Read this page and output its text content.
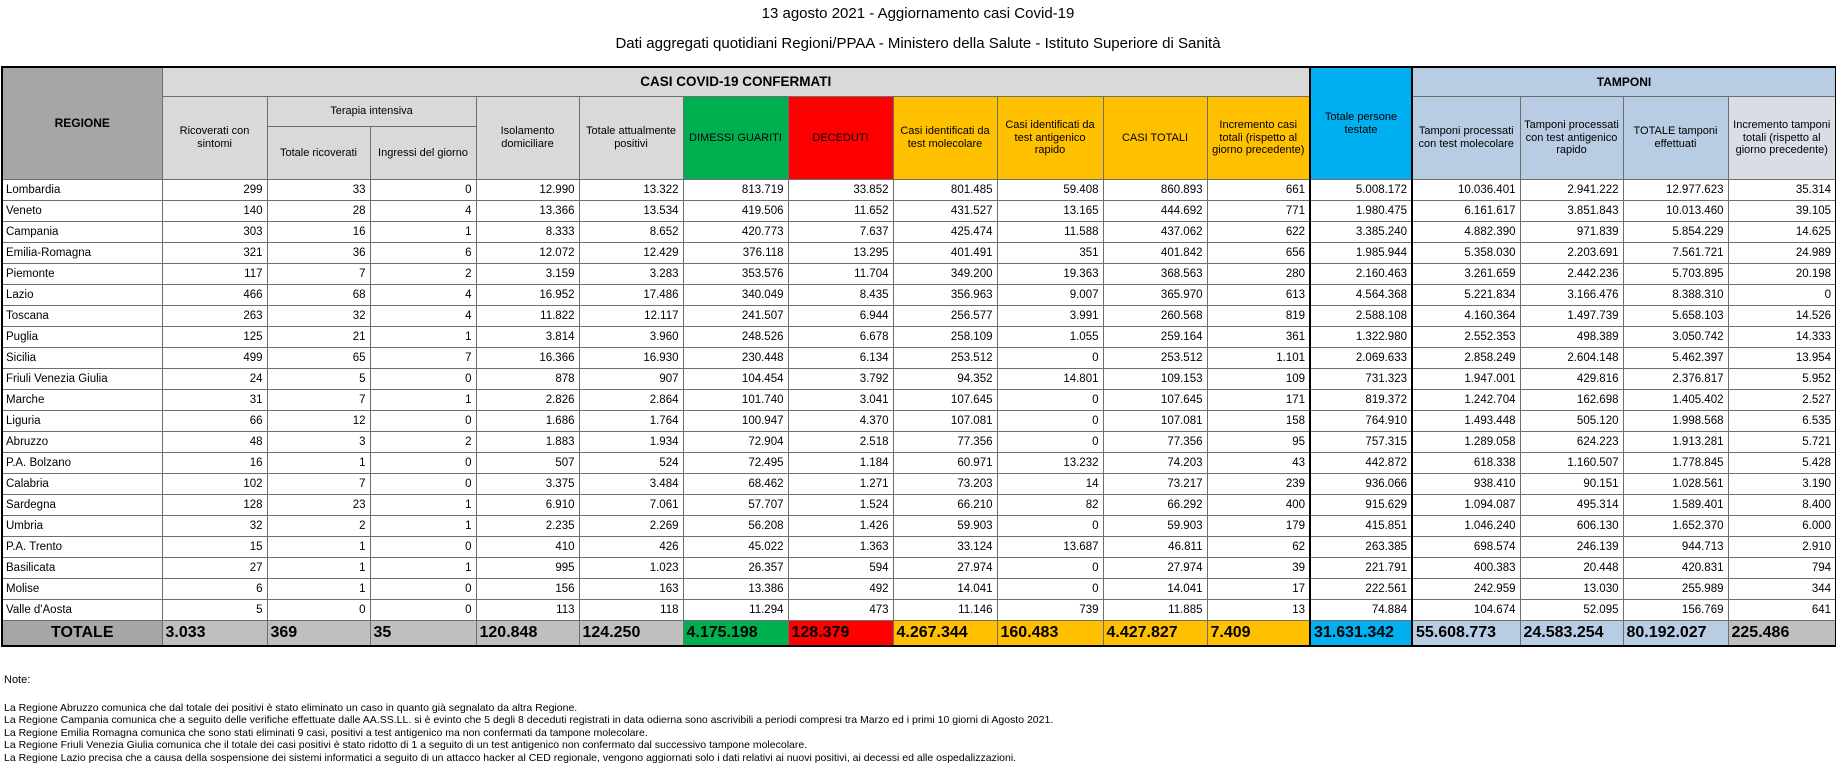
13 agosto 2021 - Aggiornamento casi Covid-19
Dati aggregati quotidiani Regioni/PPAA - Ministero della Salute - Istituto Superiore di Sanità
REGIONE	CASI COVID-19 CONFERMATI											Totale persone testate	TAMPONI			
	Ricoverati con sintomi	Terapia intensiva		Isolamento domiciliare	Totale attualmente positivi	DIMESSI GUARITI	DECEDUTI	Casi identificati da test molecolare	Casi identificati da test antigenico rapido	CASI TOTALI	Incremento casi totali (rispetto al giorno precedente)		Tamponi processati con test molecolare	Tamponi processati con test antigenico rapido	TOTALE tamponi effettuati	Incremento tamponi totali (rispetto al giorno precedente)
		Totale ricoverati	Ingressi del giorno													
Lombardia	299	33	0	12.990	13.322	813.719	33.852	801.485	59.408	860.893	661	5.008.172	10.036.401	2.941.222	12.977.623	35.314
Veneto	140	28	4	13.366	13.534	419.506	11.652	431.527	13.165	444.692	771	1.980.475	6.161.617	3.851.843	10.013.460	39.105
Campania	303	16	1	8.333	8.652	420.773	7.637	425.474	11.588	437.062	622	3.385.240	4.882.390	971.839	5.854.229	14.625
Emilia-Romagna	321	36	6	12.072	12.429	376.118	13.295	401.491	351	401.842	656	1.985.944	5.358.030	2.203.691	7.561.721	24.989
Piemonte	117	7	2	3.159	3.283	353.576	11.704	349.200	19.363	368.563	280	2.160.463	3.261.659	2.442.236	5.703.895	20.198
Lazio	466	68	4	16.952	17.486	340.049	8.435	356.963	9.007	365.970	613	4.564.368	5.221.834	3.166.476	8.388.310	0
Toscana	263	32	4	11.822	12.117	241.507	6.944	256.577	3.991	260.568	819	2.588.108	4.160.364	1.497.739	5.658.103	14.526
Puglia	125	21	1	3.814	3.960	248.526	6.678	258.109	1.055	259.164	361	1.322.980	2.552.353	498.389	3.050.742	14.333
Sicilia	499	65	7	16.366	16.930	230.448	6.134	253.512	0	253.512	1.101	2.069.633	2.858.249	2.604.148	5.462.397	13.954
Friuli Venezia Giulia	24	5	0	878	907	104.454	3.792	94.352	14.801	109.153	109	731.323	1.947.001	429.816	2.376.817	5.952
Marche	31	7	1	2.826	2.864	101.740	3.041	107.645	0	107.645	171	819.372	1.242.704	162.698	1.405.402	2.527
Liguria	66	12	0	1.686	1.764	100.947	4.370	107.081	0	107.081	158	764.910	1.493.448	505.120	1.998.568	6.535
Abruzzo	48	3	2	1.883	1.934	72.904	2.518	77.356	0	77.356	95	757.315	1.289.058	624.223	1.913.281	5.721
P.A. Bolzano	16	1	0	507	524	72.495	1.184	60.971	13.232	74.203	43	442.872	618.338	1.160.507	1.778.845	5.428
Calabria	102	7	0	3.375	3.484	68.462	1.271	73.203	14	73.217	239	936.066	938.410	90.151	1.028.561	3.190
Sardegna	128	23	1	6.910	7.061	57.707	1.524	66.210	82	66.292	400	915.629	1.094.087	495.314	1.589.401	8.400
Umbria	32	2	1	2.235	2.269	56.208	1.426	59.903	0	59.903	179	415.851	1.046.240	606.130	1.652.370	6.000
P.A. Trento	15	1	0	410	426	45.022	1.363	33.124	13.687	46.811	62	263.385	698.574	246.139	944.713	2.910
Basilicata	27	1	1	995	1.023	26.357	594	27.974	0	27.974	39	221.791	400.383	20.448	420.831	794
Molise	6	1	0	156	163	13.386	492	14.041	0	14.041	17	222.561	242.959	13.030	255.989	344
Valle d'Aosta	5	0	0	113	118	11.294	473	11.146	739	11.885	13	74.884	104.674	52.095	156.769	641
TOTALE	3.033	369	35	120.848	124.250	4.175.198	128.379	4.267.344	160.483	4.427.827	7.409	31.631.342	55.608.773	24.583.254	80.192.027	225.486
Note:

La Regione Abruzzo comunica che dal totale dei positivi è stato eliminato un caso in quanto già segnalato da altra Regione.

La Regione Campania comunica che a seguito delle verifiche effettuate dalle AA.SS.LL. si è evinto che 5 degli 8 deceduti registrati in data odierna sono ascrivibili a periodi compresi tra Marzo ed i primi 10 giorni di Agosto 2021.

La Regione Emilia Romagna comunica che sono stati eliminati 9 casi, positivi a test antigenico ma non confermati da tampone molecolare.

La Regione Friuli Venezia Giulia comunica che il totale dei casi positivi è stato ridotto di 1 a seguito di un test antigenico non confermato dal successivo tampone molecolare.

La Regione Lazio precisa che a causa della sospensione dei sistemi informatici a seguito di un attacco hacker al CED regionale, vengono aggiornati solo i dati relativi ai nuovi positivi, ai decessi ed alle ospedalizzazioni.
